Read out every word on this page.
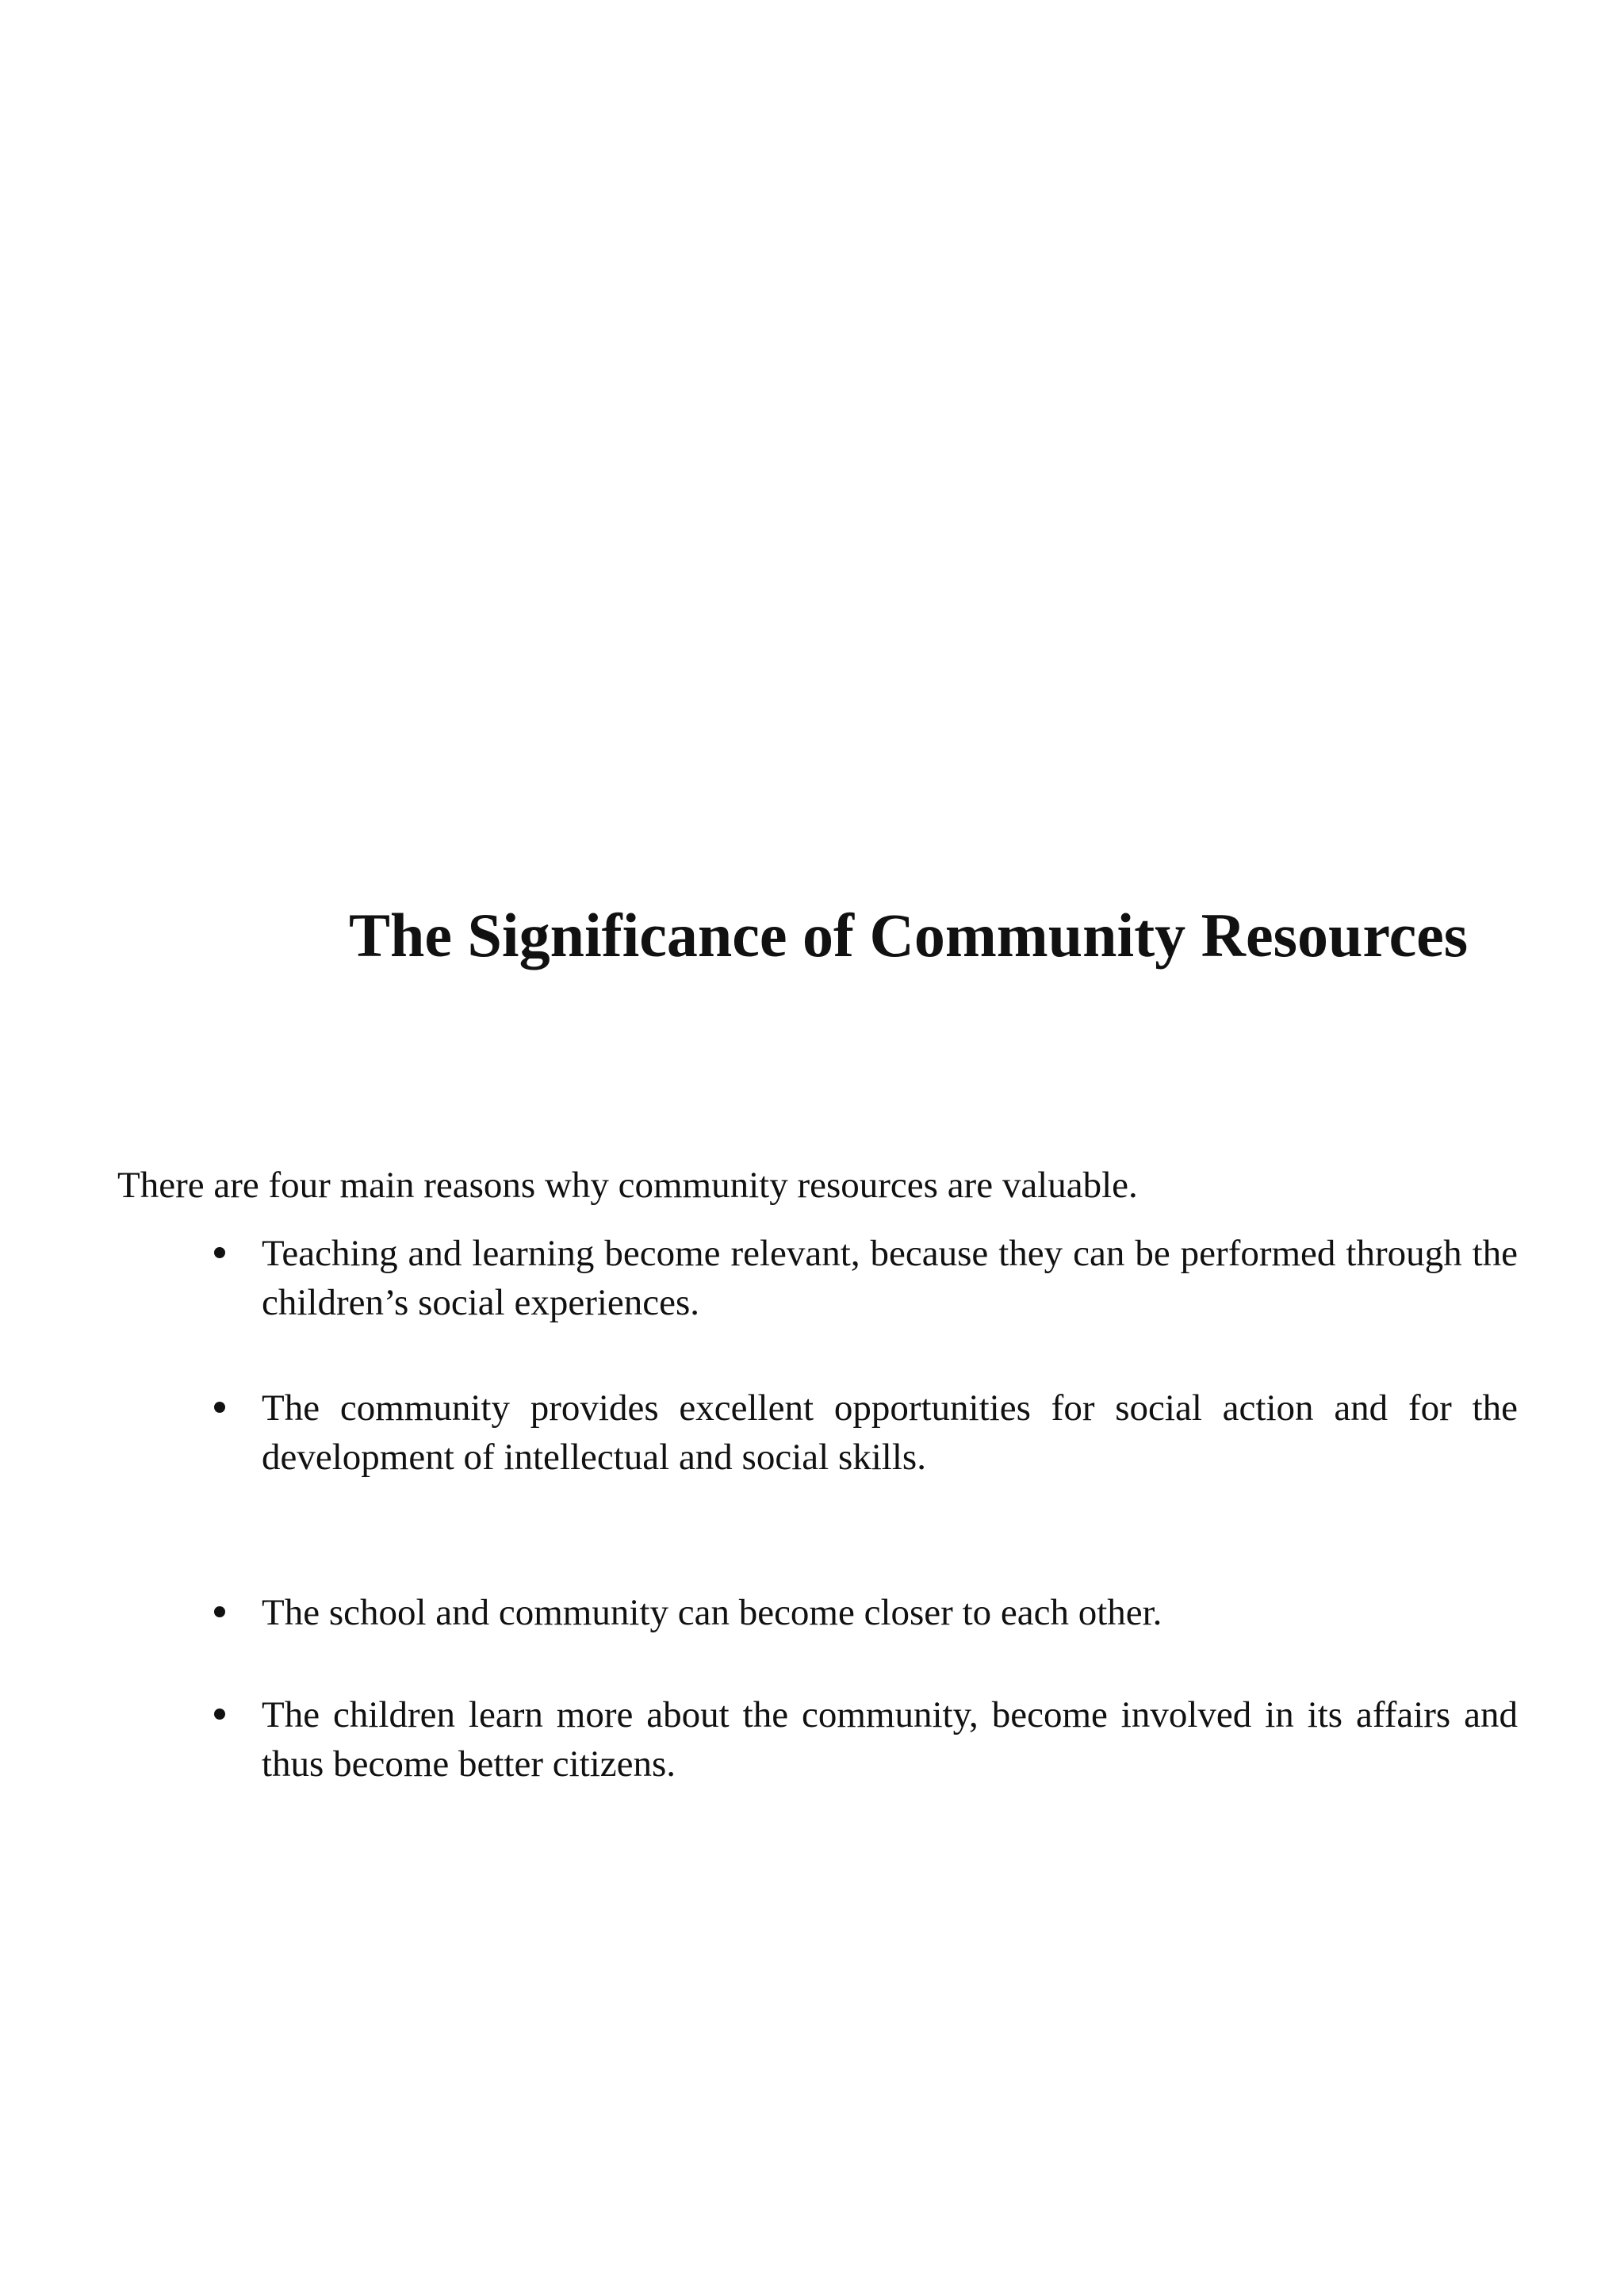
The Significance of Community Resources

There are four main reasons why community resources are valuable.

Teaching and learning become relevant, because they can be performed through the children’s social experiences.
The community provides excellent opportunities for social action and for the development of intellectual and social skills.
The school and community can become closer to each other.
The children learn more about the community, become involved in its affairs and thus become better citizens.
